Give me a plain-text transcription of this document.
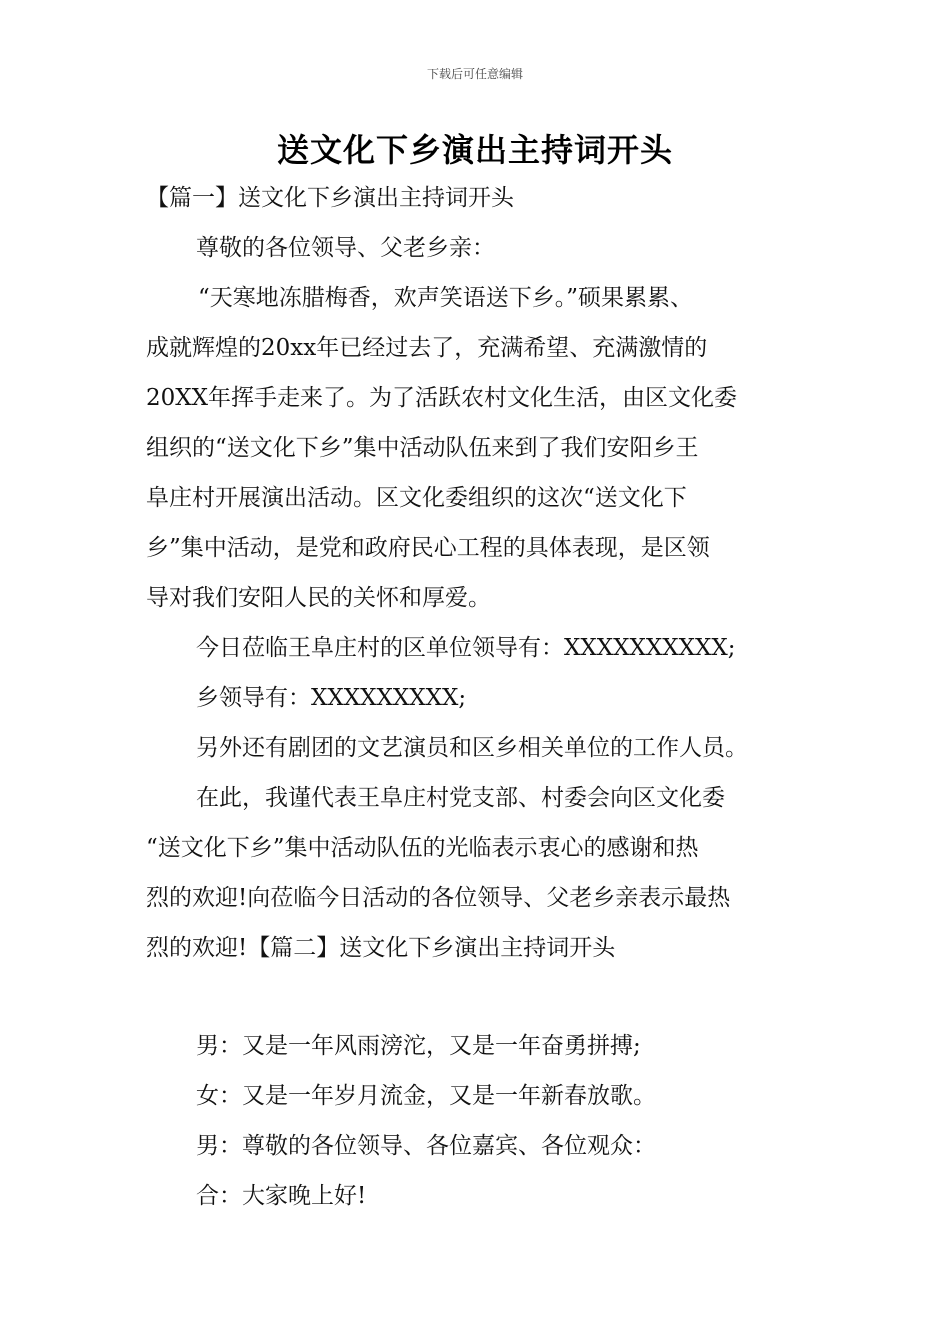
下载后可任意编辑
送文化下乡演出主持词开头
【篇一】送文化下乡演出主持词开头
尊敬的各位领导、父老乡亲：
“天寒地冻腊梅香，欢声笑语送下乡。”硕果累累、
成就辉煌的20xx年已经过去了，充满希望、充满激情的
20XX年挥手走来了。为了活跃农村文化生活，由区文化委
组织的“送文化下乡”集中活动队伍来到了我们安阳乡王
阜庄村开展演出活动。区文化委组织的这次“送文化下
乡”集中活动，是党和政府民心工程的具体表现，是区领
导对我们安阳人民的关怀和厚爱。
今日莅临王阜庄村的区单位领导有：XXXXXXXXXX;
乡领导有：XXXXXXXXX;
另外还有剧团的文艺演员和区乡相关单位的工作人员。
在此，我谨代表王阜庄村党支部、村委会向区文化委
“送文化下乡”集中活动队伍的光临表示衷心的感谢和热
烈的欢迎!向莅临今日活动的各位领导、父老乡亲表示最热
烈的欢迎!【篇二】送文化下乡演出主持词开头
男：又是一年风雨滂沱，又是一年奋勇拼搏;
女：又是一年岁月流金，又是一年新春放歌。
男：尊敬的各位领导、各位嘉宾、各位观众：
合：大家晚上好!
